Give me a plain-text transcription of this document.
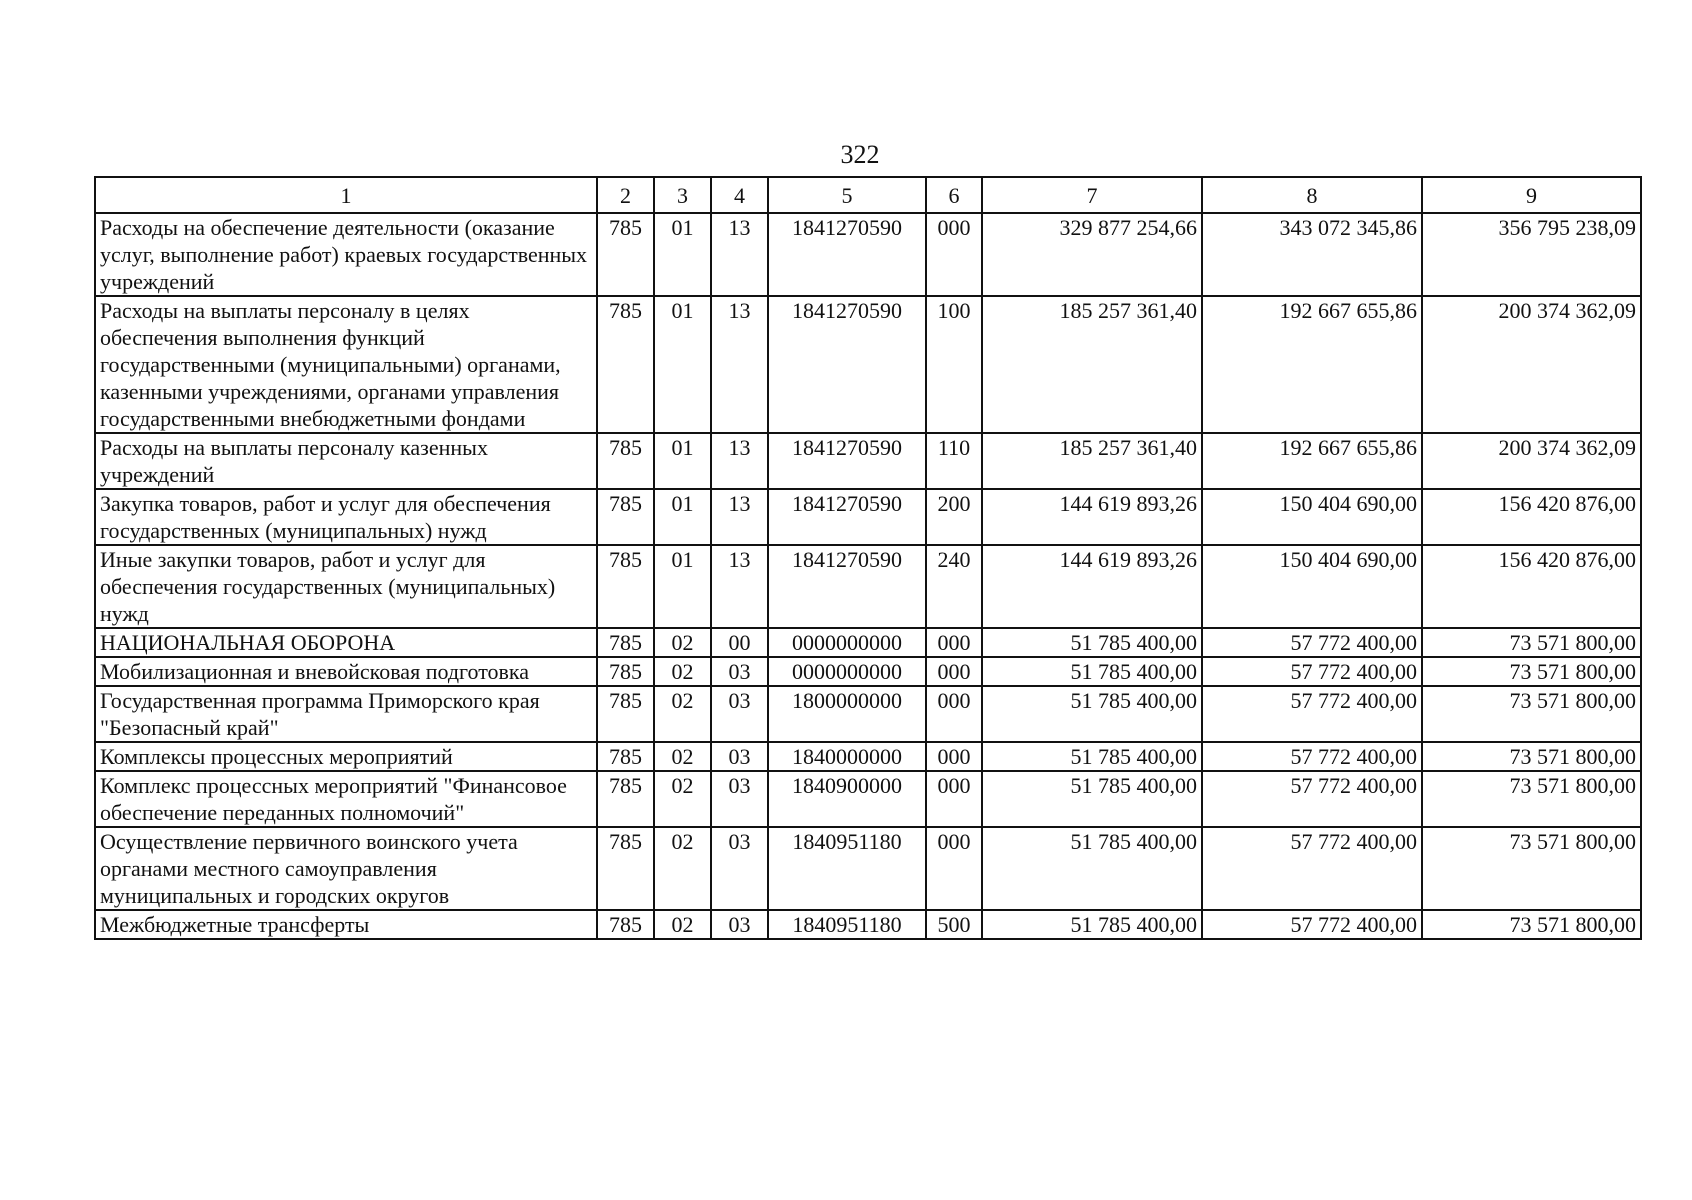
322
1	2	3	4	5	6	7	8	9
Расходы на обеспечение деятельности (оказание услуг, выполнение работ) краевых государственных учреждений	785	01	13	1841270590	000	329 877 254,66	343 072 345,86	356 795 238,09
Расходы на выплаты персоналу в целях обеспечения выполнения функций государственными (муниципальными) органами, казенными учреждениями, органами управления государственными внебюджетными фондами	785	01	13	1841270590	100	185 257 361,40	192 667 655,86	200 374 362,09
Расходы на выплаты персоналу казенных учреждений	785	01	13	1841270590	110	185 257 361,40	192 667 655,86	200 374 362,09
Закупка товаров, работ и услуг для обеспечения государственных (муниципальных) нужд	785	01	13	1841270590	200	144 619 893,26	150 404 690,00	156 420 876,00
Иные закупки товаров, работ и услуг для обеспечения государственных (муниципальных) нужд	785	01	13	1841270590	240	144 619 893,26	150 404 690,00	156 420 876,00
НАЦИОНАЛЬНАЯ ОБОРОНА	785	02	00	0000000000	000	51 785 400,00	57 772 400,00	73 571 800,00
Мобилизационная и вневойсковая подготовка	785	02	03	0000000000	000	51 785 400,00	57 772 400,00	73 571 800,00
Государственная программа Приморского края "Безопасный край"	785	02	03	1800000000	000	51 785 400,00	57 772 400,00	73 571 800,00
Комплексы процессных мероприятий	785	02	03	1840000000	000	51 785 400,00	57 772 400,00	73 571 800,00
Комплекс процессных мероприятий "Финансовое обеспечение переданных полномочий"	785	02	03	1840900000	000	51 785 400,00	57 772 400,00	73 571 800,00
Осуществление первичного воинского учета органами местного самоуправления муниципальных и городских округов	785	02	03	1840951180	000	51 785 400,00	57 772 400,00	73 571 800,00
Межбюджетные трансферты	785	02	03	1840951180	500	51 785 400,00	57 772 400,00	73 571 800,00
